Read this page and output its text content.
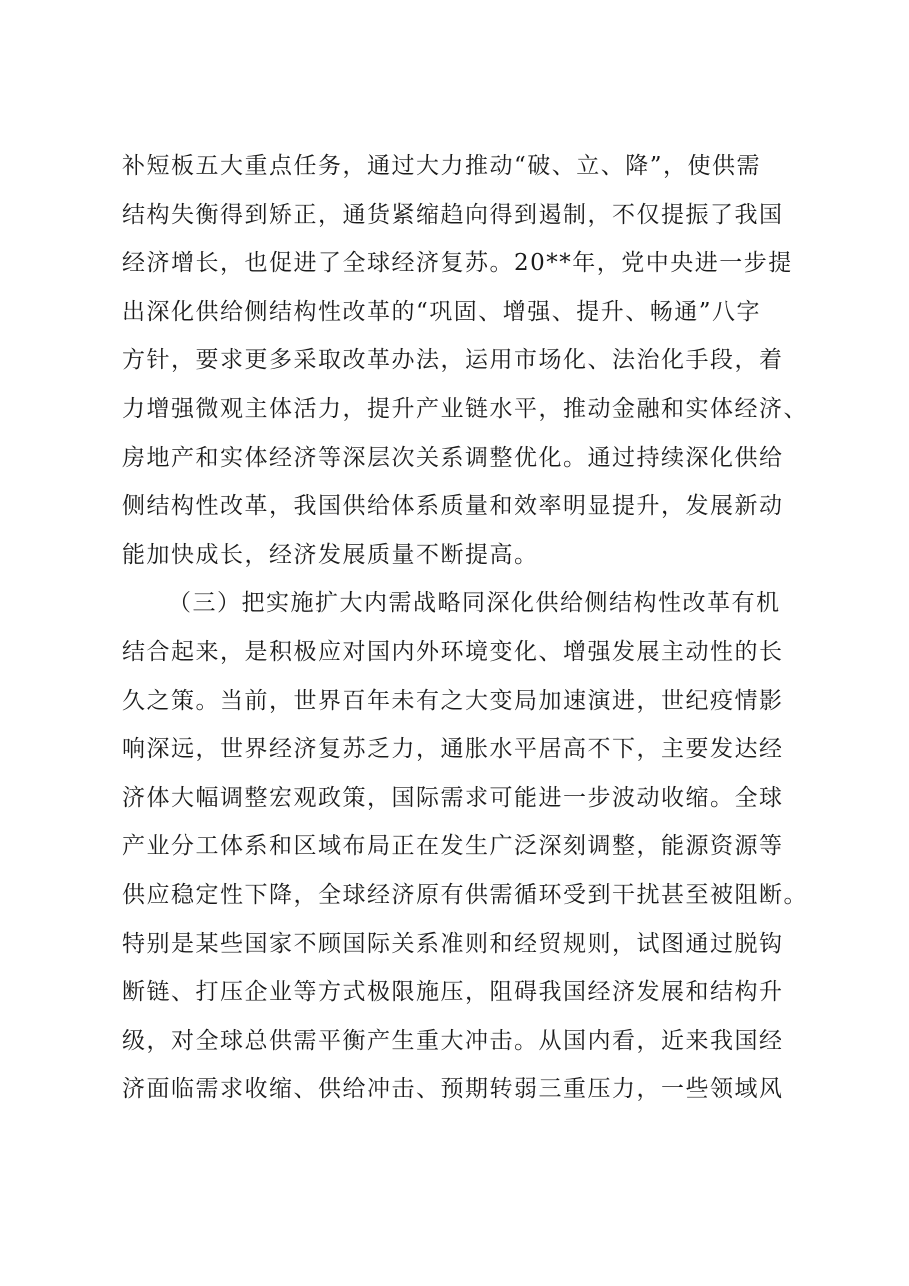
补短板五大重点任务，通过大力推动“破、立、降”，使供需
结构失衡得到矫正，通货紧缩趋向得到遏制，不仅提振了我国
经济增长，也促进了全球经济复苏。20**年，党中央进一步提
出深化供给侧结构性改革的“巩固、增强、提升、畅通”八字
方针，要求更多采取改革办法，运用市场化、法治化手段，着
力增强微观主体活力，提升产业链水平，推动金融和实体经济、
房地产和实体经济等深层次关系调整优化。通过持续深化供给
侧结构性改革，我国供给体系质量和效率明显提升，发展新动
能加快成长，经济发展质量不断提高。
（三）把实施扩大内需战略同深化供给侧结构性改革有机
结合起来，是积极应对国内外环境变化、增强发展主动性的长
久之策。当前，世界百年未有之大变局加速演进，世纪疫情影
响深远，世界经济复苏乏力，通胀水平居高不下，主要发达经
济体大幅调整宏观政策，国际需求可能进一步波动收缩。全球
产业分工体系和区域布局正在发生广泛深刻调整，能源资源等
供应稳定性下降，全球经济原有供需循环受到干扰甚至被阻断。
特别是某些国家不顾国际关系准则和经贸规则，试图通过脱钩
断链、打压企业等方式极限施压，阻碍我国经济发展和结构升
级，对全球总供需平衡产生重大冲击。从国内看，近来我国经
济面临需求收缩、供给冲击、预期转弱三重压力，一些领域风
